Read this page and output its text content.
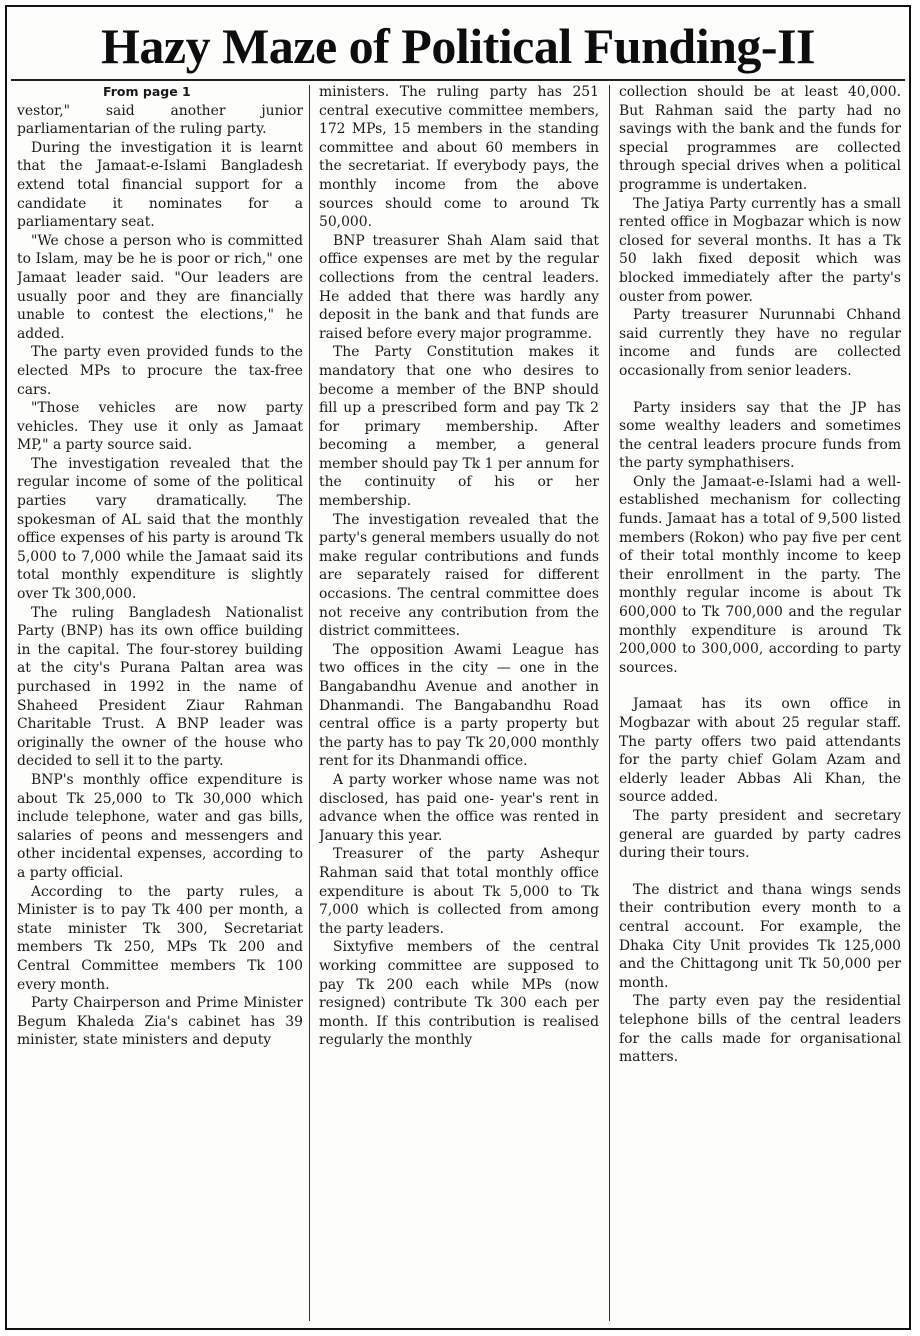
Hazy Maze of Political Funding-II
From page 1

vestor," said another junior parliamentarian of the ruling party.

During the investigation it is learnt that the Jamaat-e-Islami Bangladesh extend total financial support for a candidate it nominates for a parliamentary seat.

"We chose a person who is committed to Islam, may be he is poor or rich," one Jamaat leader said. "Our leaders are usually poor and they are financially unable to contest the elections," he added.

The party even provided funds to the elected MPs to procure the tax-free cars.

"Those vehicles are now party vehicles. They use it only as Jamaat MP," a party source said.

The investigation revealed that the regular income of some of the political parties vary dramatically. The spokesman of AL said that the monthly office expenses of his party is around Tk 5,000 to 7,000 while the Jamaat said its total monthly expenditure is slightly over Tk 300,000.

The ruling Bangladesh Nationalist Party (BNP) has its own office building in the capital. The four-storey building at the city's Purana Paltan area was purchased in 1992 in the name of Shaheed President Ziaur Rahman Charitable Trust. A BNP leader was originally the owner of the house who decided to sell it to the party.

BNP's monthly office expenditure is about Tk 25,000 to Tk 30,000 which include telephone, water and gas bills, salaries of peons and messengers and other incidental expenses, according to a party official.

According to the party rules, a Minister is to pay Tk 400 per month, a state minister Tk 300, Secretariat members Tk 250, MPs Tk 200 and Central Committee members Tk 100 every month.

Party Chairperson and Prime Minister Begum Khaleda Zia's cabinet has 39 minister, state ministers and deputy

ministers. The ruling party has 251 central executive committee members, 172 MPs, 15 members in the standing committee and about 60 members in the secretariat. If everybody pays, the monthly income from the above sources should come to around Tk 50,000.

BNP treasurer Shah Alam said that office expenses are met by the regular collections from the central leaders. He added that there was hardly any deposit in the bank and that funds are raised before every major programme.

The Party Constitution makes it mandatory that one who desires to become a member of the BNP should fill up a prescribed form and pay Tk 2 for primary membership. After becoming a member, a general member should pay Tk 1 per annum for the continuity of his or her membership.

The investigation revealed that the party's general members usually do not make regular contributions and funds are separately raised for different occasions. The central committee does not receive any contribution from the district committees.

The opposition Awami League has two offices in the city — one in the Bangabandhu Avenue and another in Dhanmandi. The Bangabandhu Road central office is a party property but the party has to pay Tk 20,000 monthly rent for its Dhanmandi office.

A party worker whose name was not disclosed, has paid one- year's rent in advance when the office was rented in January this year.

Treasurer of the party Ashequr Rahman said that total monthly office expenditure is about Tk 5,000 to Tk 7,000 which is collected from among the party leaders.

Sixtyfive members of the central working committee are supposed to pay Tk 200 each while MPs (now resigned) contribute Tk 300 each per month. If this contribution is realised regularly the monthly

collection should be at least 40,000. But Rahman said the party had no savings with the bank and the funds for special programmes are collected through special drives when a political programme is undertaken.

The Jatiya Party currently has a small rented office in Mogbazar which is now closed for several months. It has a Tk 50 lakh fixed deposit which was blocked immediately after the party's ouster from power.

Party treasurer Nurunnabi Chhand said currently they have no regular income and funds are collected occasionally from senior leaders.

Party insiders say that the JP has some wealthy leaders and sometimes the central leaders procure funds from the party symphathisers.

Only the Jamaat-e-Islami had a well-established mechanism for collecting funds. Jamaat has a total of 9,500 listed members (Rokon) who pay five per cent of their total monthly income to keep their enrollment in the party. The monthly regular income is about Tk 600,000 to Tk 700,000 and the regular monthly expenditure is around Tk 200,000 to 300,000, according to party sources.

Jamaat has its own office in Mogbazar with about 25 regular staff. The party offers two paid attendants for the party chief Golam Azam and elderly leader Abbas Ali Khan, the source added.

The party president and secretary general are guarded by party cadres during their tours.

The district and thana wings sends their contribution every month to a central account. For example, the Dhaka City Unit provides Tk 125,000 and the Chittagong unit Tk 50,000 per month.

The party even pay the residential telephone bills of the central leaders for the calls made for organisational matters.
